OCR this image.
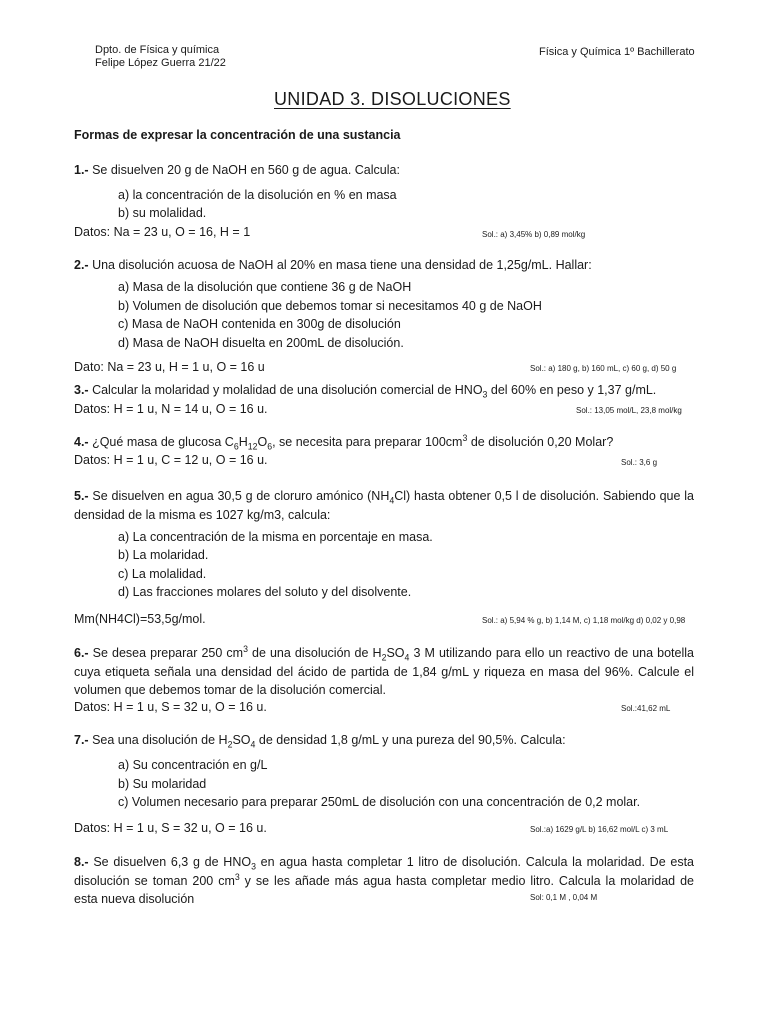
Dpto. de Física y química
Felipe López Guerra 21/22
Física y Química 1º Bachillerato
UNIDAD 3. DISOLUCIONES
Formas de expresar la concentración de una sustancia
1.- Se disuelven 20 g de NaOH en 560 g de agua. Calcula:
a) la concentración de la disolución en % en masa
b) su molalidad.
Datos: Na = 23 u, O = 16, H = 1	Sol.: a) 3,45% b) 0,89 mol/kg
2.- Una disolución acuosa de NaOH al 20% en masa tiene una densidad de 1,25g/mL. Hallar:
a) Masa de la disolución que contiene 36 g de NaOH
b) Volumen de disolución que debemos tomar si necesitamos 40 g de NaOH
c) Masa de NaOH contenida en 300g de disolución
d) Masa de NaOH disuelta en 200mL de disolución.
Dato: Na = 23 u, H = 1 u, O = 16 u	Sol.: a) 180 g, b) 160 mL, c) 60 g, d) 50 g
3.- Calcular la molaridad y molalidad de una disolución comercial de $HNO_3$ del 60% en peso y 1,37 g/mL.
Datos: H = 1 u, N = 14 u, O = 16 u.	Sol.: 13,05 mol/L, 23,8 mol/kg
4.- ¿Qué masa de glucosa $C_6H_{12}O_6$, se necesita para preparar $100cm^3$ de disolución 0,20 Molar?
Datos: H = 1 u, C = 12 u, O = 16 u.	Sol.: 3,6 g
5.- Se disuelven en agua 30,5 g de cloruro amónico $(NH_4Cl)$ hasta obtener 0,5 l de disolución. Sabiendo que la densidad de la misma es 1027 kg/m3, calcula:
a) La concentración de la misma en porcentaje en masa.
b) La molaridad.
c) La molalidad.
d) Las fracciones molares del soluto y del disolvente.
Mm(NH4Cl)=53,5g/mol.	Sol.: a) 5,94 % g, b) 1,14 M, c) 1,18 mol/kg d) 0,02 y 0,98
6.- Se desea preparar 250 $cm^3$ de una disolución de $H_2SO_4$ 3 M utilizando para ello un reactivo de una botella cuya etiqueta señala una densidad del ácido de partida de 1,84 g/mL y riqueza en masa del 96%. Calcule el volumen que debemos tomar de la disolución comercial.
Datos: H = 1 u, S = 32 u, O = 16 u.	Sol.:41,62 mL
7.- Sea una disolución de $H_2SO_4$ de densidad 1,8 g/mL y una pureza del 90,5%. Calcula:
a) Su concentración en g/L
b) Su molaridad
c) Volumen necesario para preparar 250mL de disolución con una concentración de 0,2 molar.
Datos: H = 1 u, S = 32 u, O = 16 u.	Sol.:a) 1629 g/L b) 16,62 mol/L c) 3 mL
8.- Se disuelven 6,3 g de $HNO_3$ en agua hasta completar 1 litro de disolución. Calcula la molaridad. De esta disolución se toman 200 $cm^3$ y se les añade más agua hasta completar medio litro. Calcula la molaridad de esta nueva disolución	Sol: 0,1 M , 0,04 M
